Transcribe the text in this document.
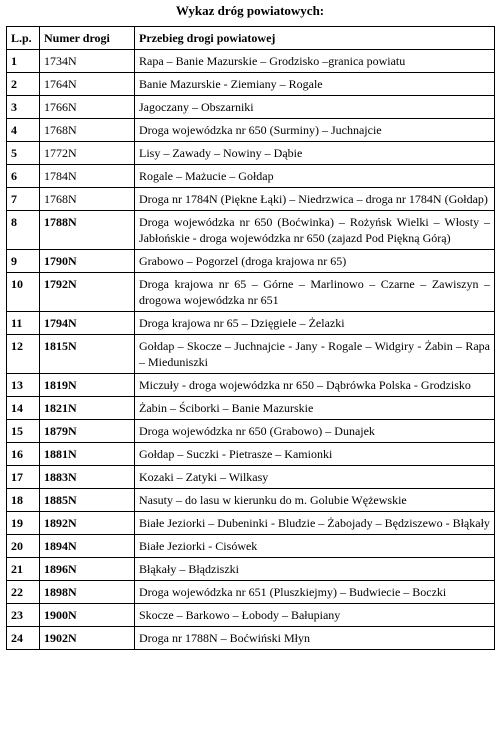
Wykaz dróg powiatowych:
L.p.	Numer drogi	Przebieg drogi powiatowej
1	1734N	Rapa – Banie Mazurskie – Grodzisko –granica powiatu
2	1764N	Banie Mazurskie - Ziemiany – Rogale
3	1766N	Jagoczany – Obszarniki
4	1768N	Droga wojewódzka nr 650 (Surminy) – Juchnajcie
5	1772N	Lisy – Zawady – Nowiny – Dąbie
6	1784N	Rogale – Mażucie – Gołdap
7	1768N	Droga nr 1784N (Piękne Łąki) – Niedrzwica – droga nr 1784N (Gołdap)
8	1788N	Droga wojewódzka nr 650 (Boćwinka) – Rożyńsk Wielki – Włosty – Jabłońskie - droga wojewódzka nr 650 (zajazd Pod Piękną Górą)
9	1790N	Grabowo – Pogorzel (droga krajowa nr 65)
10	1792N	Droga krajowa nr 65 – Górne – Marlinowo – Czarne – Zawiszyn – drogowa wojewódzka nr 651
11	1794N	Droga krajowa nr 65 – Dzięgiele – Żelazki
12	1815N	Gołdap – Skocze – Juchnajcie - Jany - Rogale – Widgiry - Żabin – Rapa – Mieduniszki
13	1819N	Miczuły - droga wojewódzka nr 650 – Dąbrówka Polska - Grodzisko
14	1821N	Żabin – Ściborki – Banie Mazurskie
15	1879N	Droga wojewódzka nr 650 (Grabowo) – Dunajek
16	1881N	Gołdap – Suczki - Pietrasze – Kamionki
17	1883N	Kozaki – Zatyki – Wilkasy
18	1885N	Nasuty – do lasu w kierunku do m. Golubie Wężewskie
19	1892N	Białe Jeziorki – Dubeninki - Bludzie – Żabojady – Będziszewo - Błąkały
20	1894N	Białe Jeziorki - Cisówek
21	1896N	Błąkały – Błądziszki
22	1898N	Droga wojewódzka nr 651 (Pluszkiejmy) – Budwiecie – Boczki
23	1900N	Skocze – Barkowo – Łobody – Bałupiany
24	1902N	Droga nr 1788N – Boćwiński Młyn
